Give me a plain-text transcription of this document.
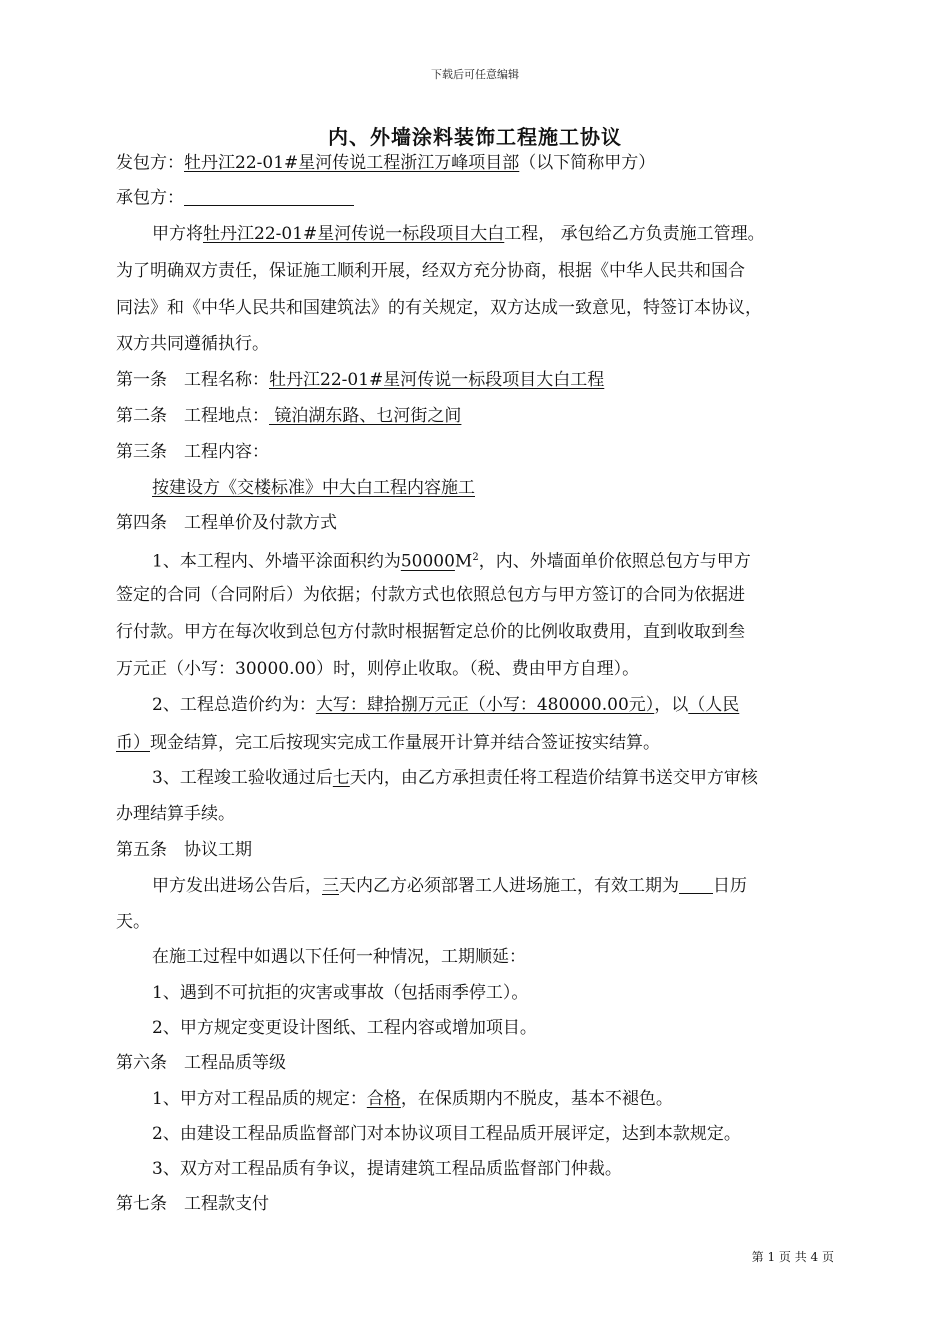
下载后可任意编辑
内、外墙涂料装饰工程施工协议
发包方：牡丹江22-01#星河传说工程浙江万峰项目部（以下简称甲方）
承包方：
甲方将牡丹江22-01#星河传说一标段项目大白工程， 承包给乙方负责施工管理。
为了明确双方责任，保证施工顺利开展，经双方充分协商，根据《中华人民共和国合
同法》和《中华人民共和国建筑法》的有关规定，双方达成一致意见，特签订本协议，
双方共同遵循执行。
第一条　工程名称：牡丹江22-01#星河传说一标段项目大白工程
第二条　工程地点： 镜泊湖东路、乜河街之间
第三条　工程内容：
按建设方《交楼标准》中大白工程内容施工
第四条　工程单价及付款方式
1、本工程内、外墙平涂面积约为$50000M^2$，内、外墙面单价依照总包方与甲方
签定的合同（合同附后）为依据；付款方式也依照总包方与甲方签订的合同为依据进
行付款。甲方在每次收到总包方付款时根据暂定总价的比例收取费用，直到收取到叁
万元正（小写：30000.00）时，则停止收取。（税、费由甲方自理）。
2、工程总造价约为：大写：肆拾捌万元正（小写：480000.00元），以（人民
币）现金结算，完工后按现实完成工作量展开计算并结合签证按实结算。
3、工程竣工验收通过后七天内，由乙方承担责任将工程造价结算书送交甲方审核
办理结算手续。
第五条　协议工期
甲方发出进场公告后，三天内乙方必须部署工人进场施工，有效工期为 日历
天。
在施工过程中如遇以下任何一种情况，工期顺延：
1、遇到不可抗拒的灾害或事故（包括雨季停工）。
2、甲方规定变更设计图纸、工程内容或增加项目。
第六条　工程品质等级
1、甲方对工程品质的规定：合格，在保质期内不脱皮，基本不褪色。
2、由建设工程品质监督部门对本协议项目工程品质开展评定，达到本款规定。
3、双方对工程品质有争议，提请建筑工程品质监督部门仲裁。
第七条　工程款支付
第 1 页 共 4 页
